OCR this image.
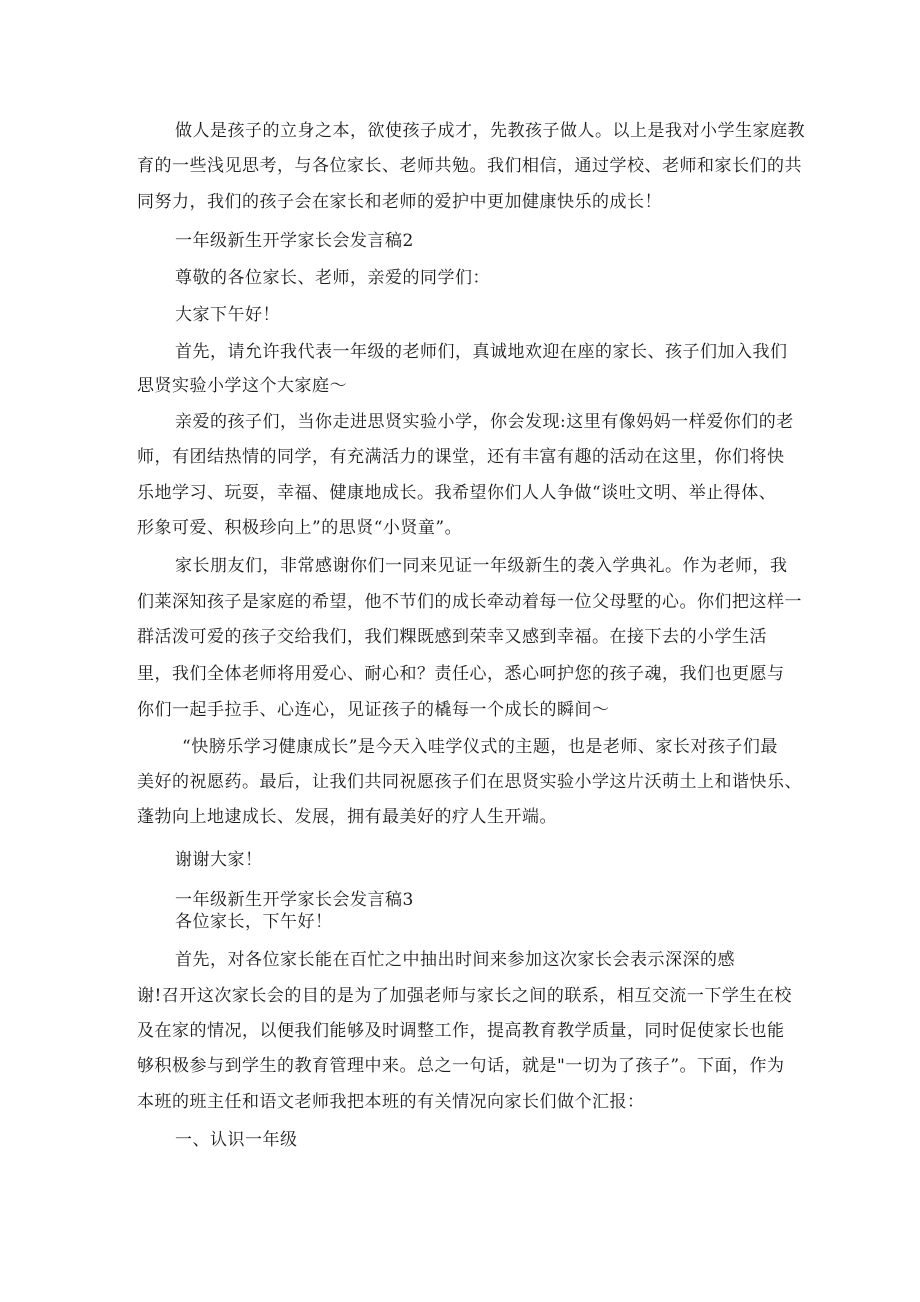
做人是孩子的立身之本，欲使孩子成才，先教孩子做人。以上是我对小学生家庭教
育的一些浅见思考，与各位家长、老师共勉。我们相信，通过学校、老师和家长们的共
同努力，我们的孩子会在家长和老师的爱护中更加健康快乐的成长！
一年级新生开学家长会发言稿2
尊敬的各位家长、老师，亲爱的同学们：
大家下午好！
首先，请允许我代表一年级的老师们，真诚地欢迎在座的家长、孩子们加入我们
思贤实验小学这个大家庭～
亲爱的孩子们，当你走进思贤实验小学，你会发现:这里有像妈妈一样爱你们的老
师，有团结热情的同学，有充满活力的课堂，还有丰富有趣的活动在这里，你们将快
乐地学习、玩耍，幸福、健康地成长。我希望你们人人争做“谈吐文明、举止得体、
形象可爱、积极珍向上”的思贤“小贤童”。
家长朋友们，非常感谢你们一同来见证一年级新生的袭入学典礼。作为老师，我
们莱深知孩子是家庭的希望，他不节们的成长牵动着每一位父母墅的心。你们把这样一
群活泼可爱的孩子交给我们，我们粿既感到荣幸又感到幸福。在接下去的小学生活
里，我们全体老师将用爱心、耐心和？责任心，悉心呵护您的孩子魂，我们也更愿与
你们一起手拉手、心连心，见证孩子的橇每一个成长的瞬间～
“快膀乐学习健康成长”是今天入哇学仪式的主题，也是老师、家长对孩子们最
美好的祝愿药。最后，让我们共同祝愿孩子们在思贤实验小学这片沃萌土上和谐快乐、
蓬勃向上地逮成长、发展，拥有最美好的疗人生开端。
谢谢大家！
一年级新生开学家长会发言稿3
各位家长，下午好！
首先，对各位家长能在百忙之中抽出时间来参加这次家长会表示深深的感
谢!召开这次家长会的目的是为了加强老师与家长之间的联系，相互交流一下学生在校
及在家的情况，以便我们能够及时调整工作，提高教育教学质量，同时促使家长也能
够积极参与到学生的教育管理中来。总之一句话，就是"一切为了孩子”。下面，作为
本班的班主任和语文老师我把本班的有关情况向家长们做个汇报：
一、认识一年级
